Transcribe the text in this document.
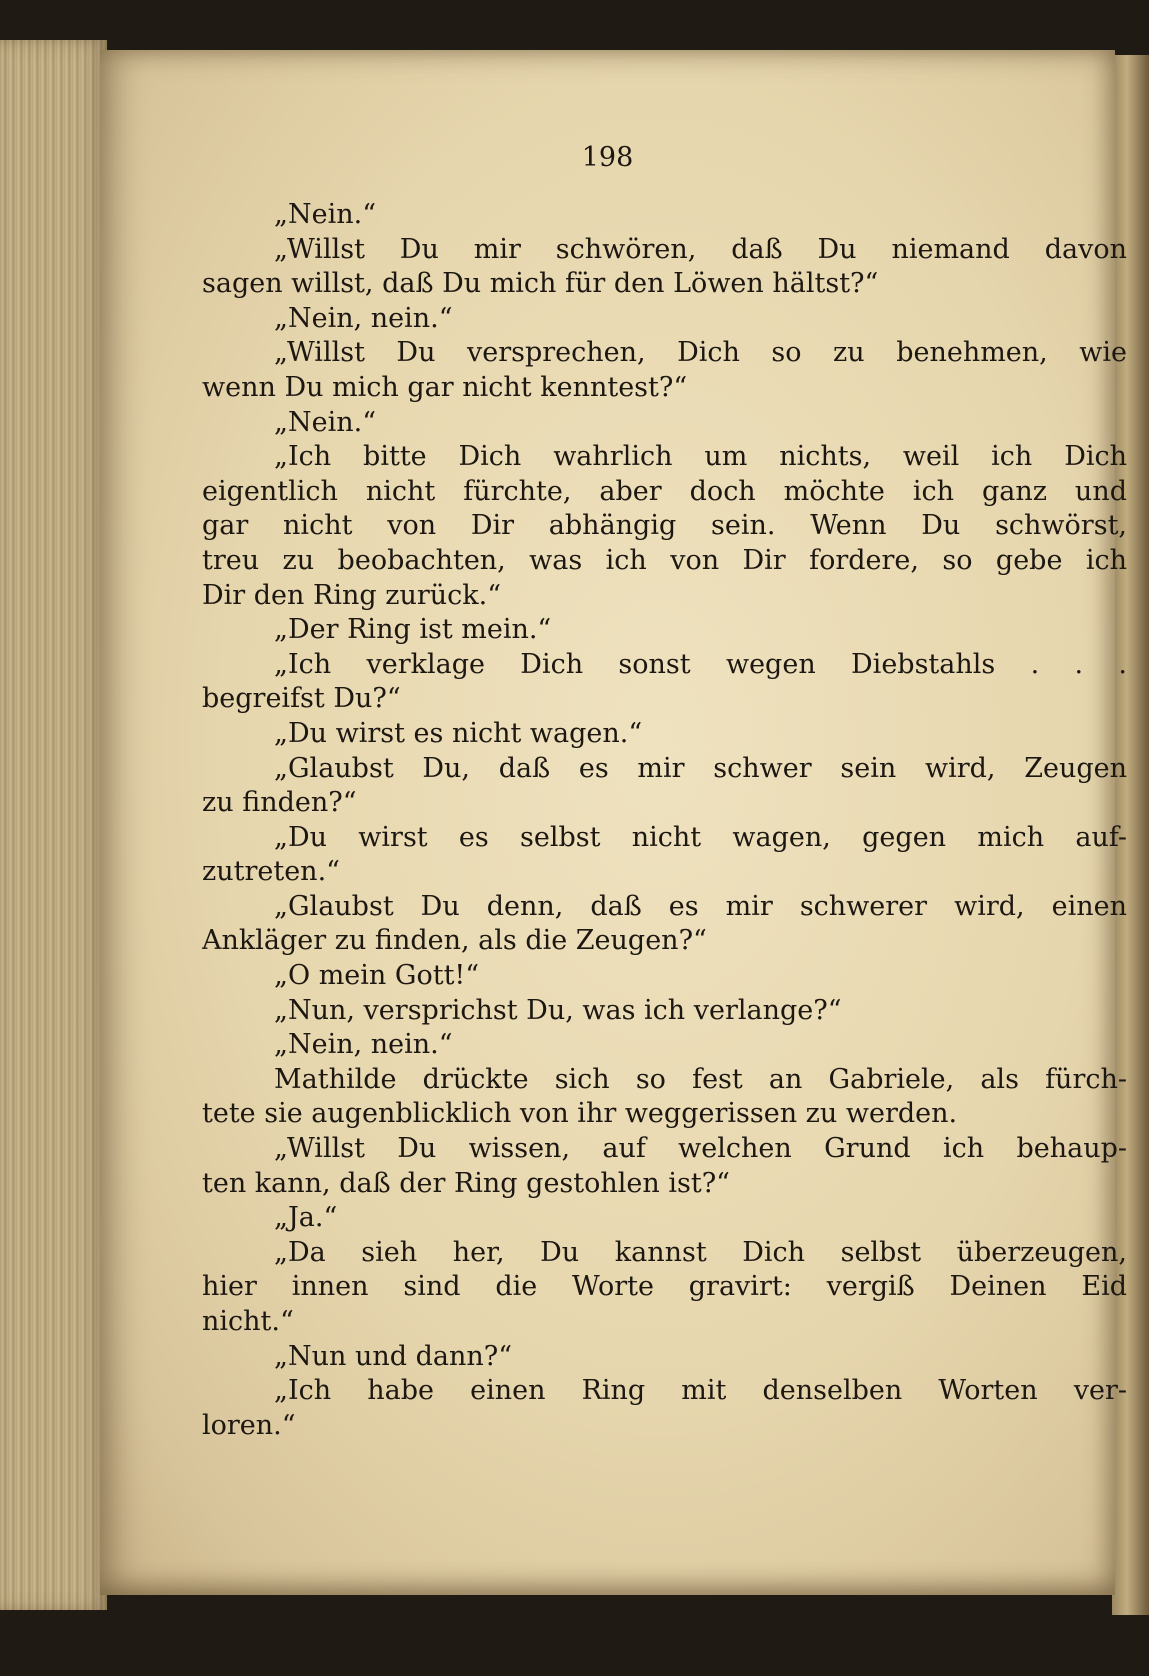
198
„Nein.“
„Willst Du mir schwören, daß Du niemand davon
sagen willst, daß Du mich für den Löwen hältst?“
„Nein, nein.“
„Willst Du versprechen, Dich so zu benehmen, wie
wenn Du mich gar nicht kenntest?“
„Nein.“
„Ich bitte Dich wahrlich um nichts, weil ich Dich
eigentlich nicht fürchte, aber doch möchte ich ganz und
gar nicht von Dir abhängig sein. Wenn Du schwörst,
treu zu beobachten, was ich von Dir fordere, so gebe ich
Dir den Ring zurück.“
„Der Ring ist mein.“
„Ich verklage Dich sonst wegen Diebstahls . . .
begreifst Du?“
„Du wirst es nicht wagen.“
„Glaubst Du, daß es mir schwer sein wird, Zeugen
zu finden?“
„Du wirst es selbst nicht wagen, gegen mich auf-
zutreten.“
„Glaubst Du denn, daß es mir schwerer wird, einen
Ankläger zu finden, als die Zeugen?“
„O mein Gott!“
„Nun, versprichst Du, was ich verlange?“
„Nein, nein.“
Mathilde drückte sich so fest an Gabriele, als fürch-
tete sie augenblicklich von ihr weggerissen zu werden.
„Willst Du wissen, auf welchen Grund ich behaup-
ten kann, daß der Ring gestohlen ist?“
„Ja.“
„Da sieh her, Du kannst Dich selbst überzeugen,
hier innen sind die Worte gravirt: vergiß Deinen Eid
nicht.“
„Nun und dann?“
„Ich habe einen Ring mit denselben Worten ver-
loren.“
